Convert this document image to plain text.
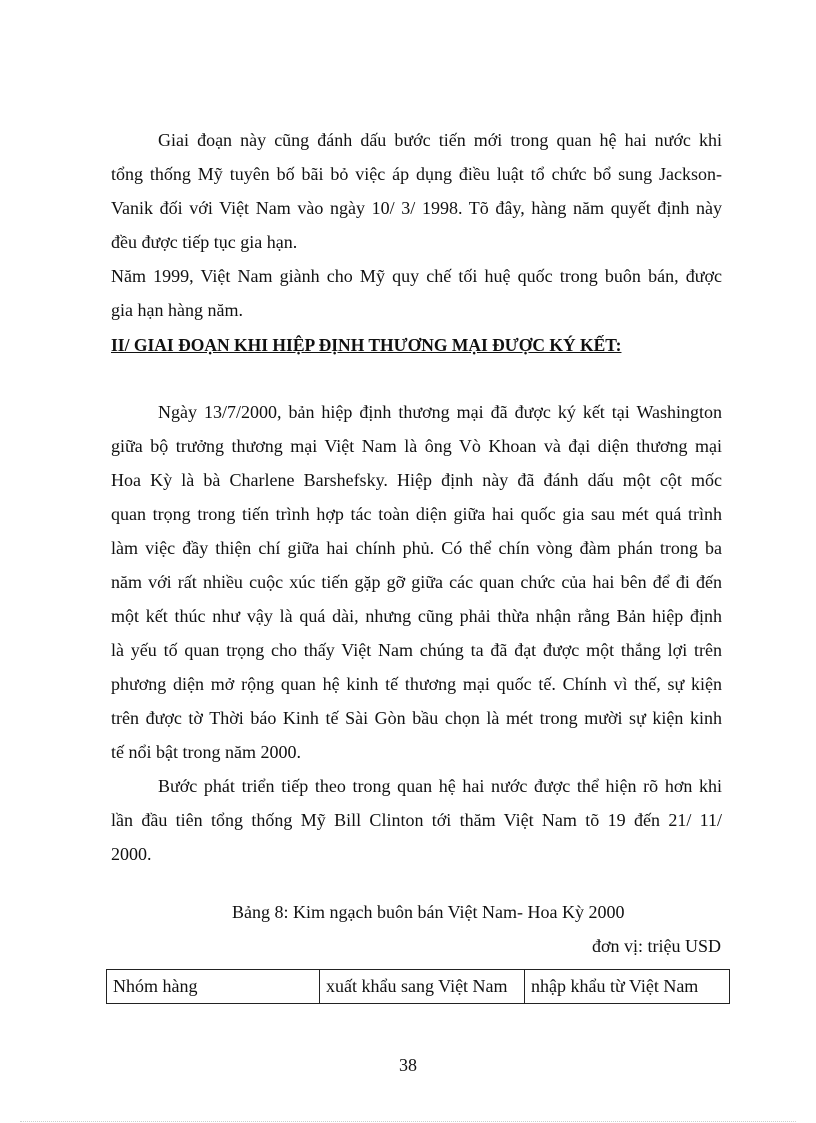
Giai đoạn này cũng đánh dấu bước tiến mới trong quan hệ hai nước khi
tổng thống Mỹ tuyên bố bãi bỏ việc áp dụng điều luật tổ chức bổ sung Jackson-
Vanik đối với Việt Nam vào ngày 10/ 3/ 1998. Tõ đây, hàng năm quyết định này
đều được tiếp tục gia hạn.
Năm 1999, Việt Nam giành cho Mỹ quy chế tối huệ quốc trong buôn bán, được
gia hạn hàng năm.
II/ GIAI ĐOẠN KHI HIỆP ĐỊNH THƯƠNG MẠI ĐƯỢC KÝ KẾT:
Ngày 13/7/2000, bản hiệp định thương mại đã được ký kết tại Washington
giữa bộ trưởng thương mại Việt Nam là ông Vò Khoan và đại diện thương mại
Hoa Kỳ là bà Charlene Barshefsky. Hiệp định này đã đánh dấu một cột mốc
quan trọng trong tiến trình hợp tác toàn diện giữa hai quốc gia sau mét quá trình
làm việc đầy thiện chí giữa hai chính phủ. Có thể chín vòng đàm phán trong ba
năm với rất nhiều cuộc xúc tiến gặp gỡ giữa các quan chức của hai bên để đi đến
một kết thúc như vậy là quá dài, nhưng cũng phải thừa nhận rằng Bản hiệp định
là yếu tố quan trọng cho thấy Việt Nam chúng ta đã đạt được một thắng lợi trên
phương diện mở rộng quan hệ kinh tế thương mại quốc tế. Chính vì thế, sự kiện
trên được tờ Thời báo Kinh tế Sài Gòn bầu chọn là mét trong mười sự kiện kinh
tế nổi bật trong năm 2000.
Bước phát triển tiếp theo trong quan hệ hai nước được thể hiện rõ hơn khi
lần đầu tiên tổng thống Mỹ Bill Clinton tới thăm Việt Nam tõ 19 đến 21/ 11/
2000.
Bảng 8: Kim ngạch buôn bán Việt Nam- Hoa Kỳ 2000
đơn vị: triệu USD
Nhóm hàng	xuất khẩu sang Việt Nam	nhập khẩu từ Việt Nam
38
